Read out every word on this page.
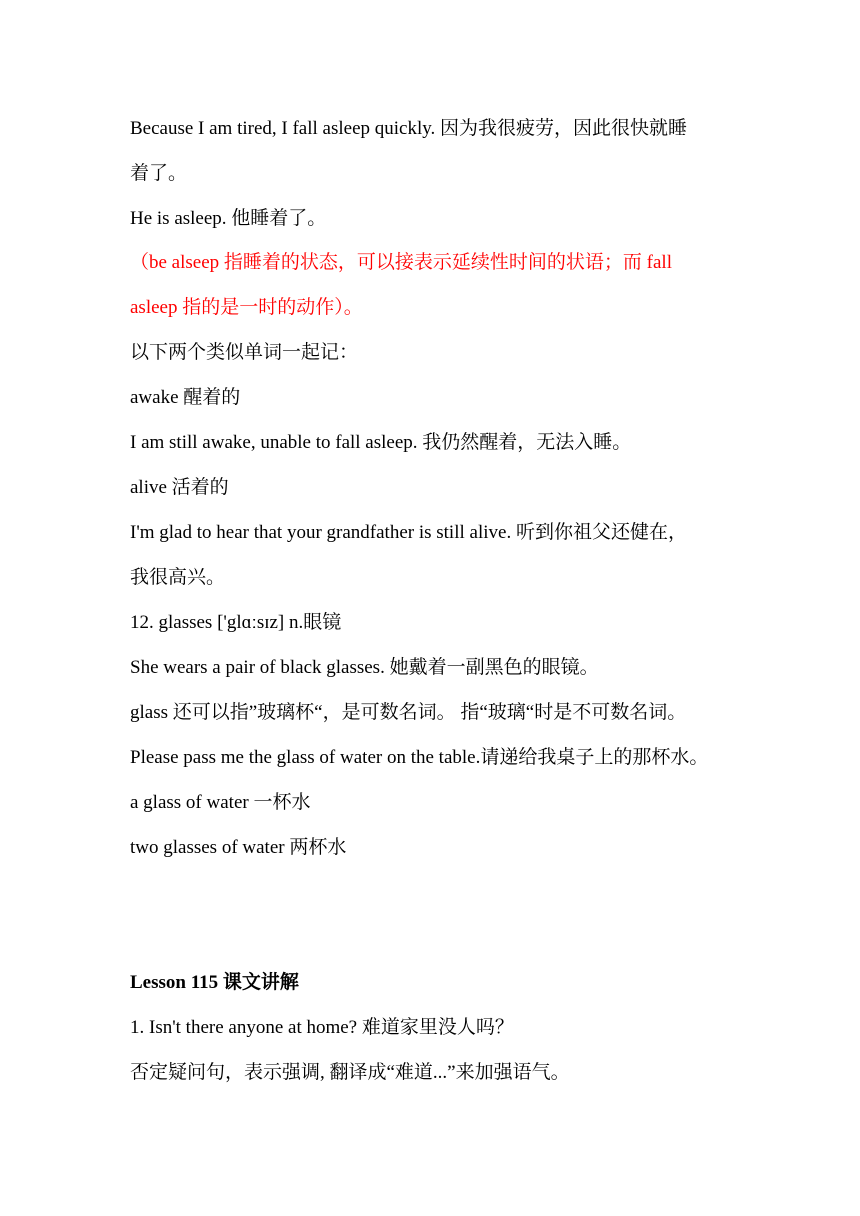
Because I am tired, I fall asleep quickly. 因为我很疲劳，因此很快就睡
着了。
He is asleep. 他睡着了。
（be alseep 指睡着的状态，可以接表示延续性时间的状语；而 fall
asleep 指的是一时的动作）。
以下两个类似单词一起记：
awake 醒着的
I am still awake, unable to fall asleep. 我仍然醒着，无法入睡。
alive 活着的
I'm glad to hear that your grandfather is still alive. 听到你祖父还健在，
我很高兴。
12. glasses ['glɑːsɪz] n.眼镜
She wears a pair of black glasses. 她戴着一副黑色的眼镜。
glass 还可以指”玻璃杯“，是可数名词。 指“玻璃“时是不可数名词。
Please pass me the glass of water on the table.请递给我桌子上的那杯水。
a glass of water 一杯水
two glasses of water 两杯水
Lesson 115 课文讲解
1. Isn't there anyone at home? 难道家里没人吗？
否定疑问句，表示强调, 翻译成“难道...”来加强语气。
